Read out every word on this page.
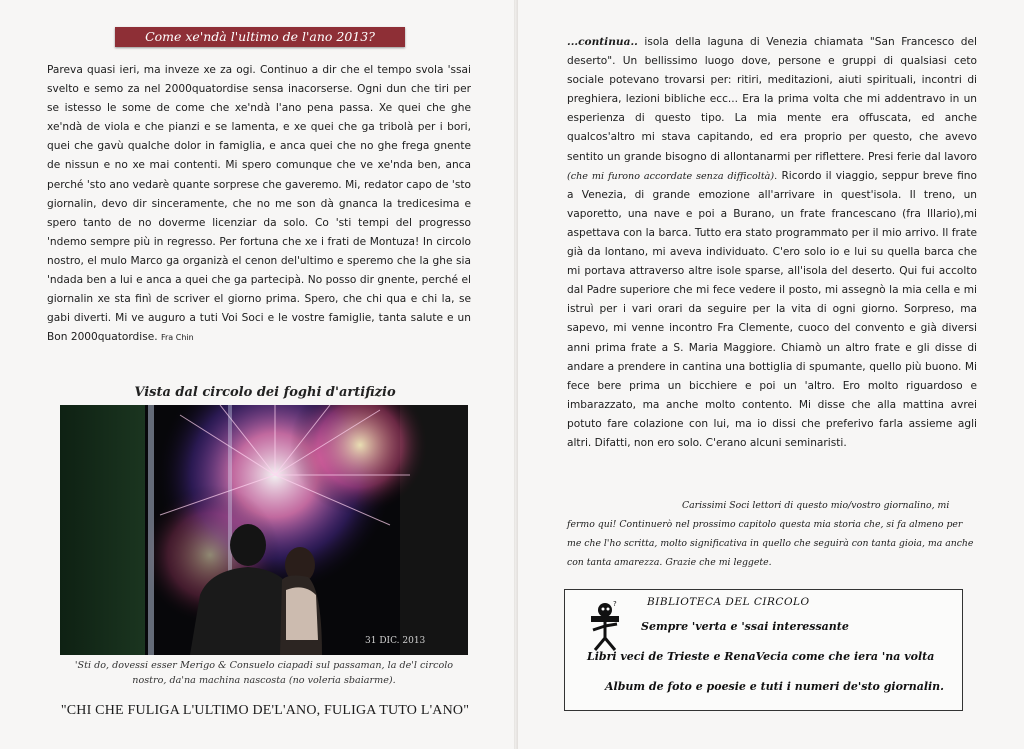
Come xe'ndà l'ultimo de l'ano 2013?
Pareva quasi ieri, ma inveze xe za ogi. Continuo a dir che el tempo svola 'ssai svelto e semo za nel 2000quatordise sensa inacorserse. Ogni dun che tiri per se istesso le some de come che xe'ndà l'ano pena passa. Xe quei che ghe xe'ndà de viola e che pianzi e se lamenta, e xe quei che ga tribolà per i bori, quei che gavù qualche dolor in famiglia, e anca quei che no ghe frega gnente de nissun e no xe mai contenti. Mi spero comunque che ve xe'nda ben, anca perché 'sto ano vedarè quante sorprese che gaveremo. Mi, redator capo de 'sto giornalin, devo dir sinceramente, che no me son dà gnanca la tredicesima e spero tanto de no doverme licenziar da solo. Co 'sti tempi del progresso 'ndemo sempre più in regresso. Per fortuna che xe i frati de Montuza! In circolo nostro, el mulo Marco ga organizà el cenon del'ultimo e speremo che la ghe sia 'ndada ben a lui e anca a quei che ga partecipà. No posso dir gnente, perché el giornalin xe sta finì de scriver el giorno prima. Spero, che chi qua e chi la, se gabi diverti. Mi ve auguro a tuti Voi Soci e le vostre famiglie, tanta salute e un Bon 2000quatordise. Fra Chin
Vista dal circolo dei foghi d'artifizio
31 DIC. 2013
'Sti do, dovessi esser Merigo & Consuelo ciapadi sul passaman, la de'l circolo nostro, da'na machina nascosta (no voleria sbaiarme).
"CHI CHE FULIGA L'ULTIMO DE'L'ANO, FULIGA TUTO L'ANO"
...continua.. isola della laguna di Venezia chiamata "San Francesco del deserto". Un bellissimo luogo dove, persone e gruppi di qualsiasi ceto sociale potevano trovarsi per: ritiri, meditazioni, aiuti spirituali, incontri di preghiera, lezioni bibliche ecc... Era la prima volta che mi addentravo in un esperienza di questo tipo. La mia mente era offuscata, ed anche qualcos'altro mi stava capitando, ed era proprio per questo, che avevo sentito un grande bisogno di allontanarmi per riflettere. Presi ferie dal lavoro (che mi furono accordate senza difficoltà). Ricordo il viaggio, seppur breve fino a Venezia, di grande emozione all'arrivare in quest'isola. Il treno, un vaporetto, una nave e poi a Burano, un frate francescano (fra Illario),mi aspettava con la barca. Tutto era stato programmato per il mio arrivo. Il frate già da lontano, mi aveva individuato. C'ero solo io e lui su quella barca che mi portava attraverso altre isole sparse, all'isola del deserto. Qui fui accolto dal Padre superiore che mi fece vedere il posto, mi assegnò la mia cella e mi istruì per i vari orari da seguire per la vita di ogni giorno. Sorpreso, ma sapevo, mi venne incontro Fra Clemente, cuoco del convento e già diversi anni prima frate a S. Maria Maggiore. Chiamò un altro frate e gli disse di andare a prendere in cantina una bottiglia di spumante, quello più buono. Mi fece bere prima un bicchiere e poi un 'altro. Ero molto riguardoso e imbarazzato, ma anche molto contento. Mi disse che alla mattina avrei potuto fare colazione con lui, ma io dissi che preferivo farla assieme agli altri. Difatti, non ero solo. C'erano alcuni seminaristi.
Carissimi Soci lettori di questo mio/vostro giornalino, mi fermo qui! Continuerò nel prossimo capitolo questa mia storia che, si fa almeno per me che l'ho scritta, molto significativa in quello che seguirà con tanta gioia, ma anche con tanta amarezza. Grazie che mi leggete.
?	BIBLIOTECA DEL CIRCOLO
Sempre 'verta e 'ssai interessante
Libri veci de Trieste e RenaVecia come che iera 'na volta
Album de foto e poesie e tuti i numeri de'sto giornalin.
